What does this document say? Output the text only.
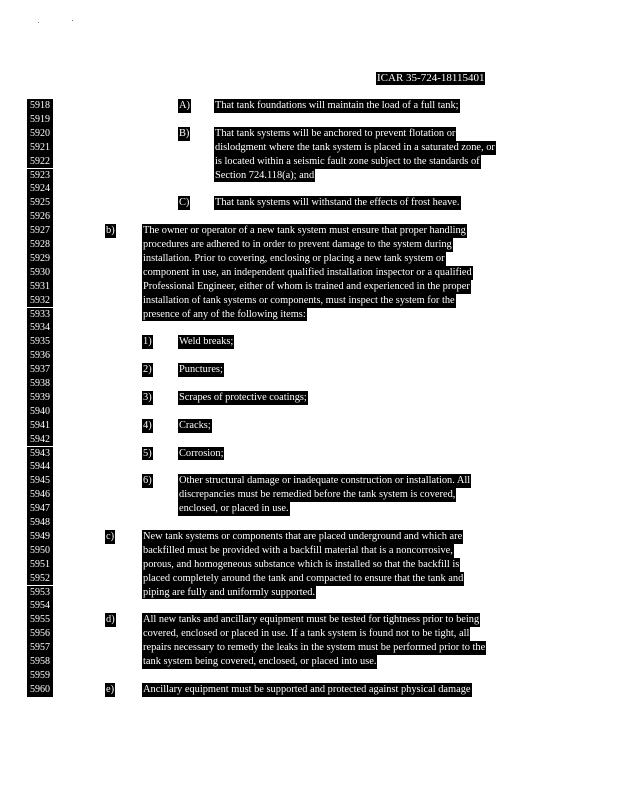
ICAR 35-724-18115401
5918
5919
5920
5921
5922
5923
5924
5925
5926
5927
5928
5929
5930
5931
5932
5933
5934
5935
5936
5937
5938
5939
5940
5941
5942
5943
5944
5945
5946
5947
5948
5949
5950
5951
5952
5953
5954
5955
5956
5957
5958
5959
5960
A) That tank foundations will maintain the load of a full tank;
B) That tank systems will be anchored to prevent flotation or
dislodgment where the tank system is placed in a saturated zone, or
is located within a seismic fault zone subject to the standards of
Section 724.118(a); and
C) That tank systems will withstand the effects of frost heave.
b)	The owner or operator of a new tank system must ensure that proper handling
procedures are adhered to in order to prevent damage to the system during
installation. Prior to covering, enclosing or placing a new tank system or
component in use, an independent qualified installation inspector or a qualified
Professional Engineer, either of whom is trained and experienced in the proper
installation of tank systems or components, must inspect the system for the
presence of any of the following items:
1)	Weld breaks;
2)	Punctures;
3)	Scrapes of protective coatings;
4)	Cracks;
5)	Corrosion;
6)	Other structural damage or inadequate construction or installation. All
discrepancies must be remedied before the tank system is covered,
enclosed, or placed in use.
c)	New tank systems or components that are placed underground and which are
backfilled must be provided with a backfill material that is a noncorrosive,
porous, and homogeneous substance which is installed so that the backfill is
placed completely around the tank and compacted to ensure that the tank and
piping are fully and uniformly supported.
d)	All new tanks and ancillary equipment must be tested for tightness prior to being
covered, enclosed or placed in use. If a tank system is found not to be tight, all
repairs necessary to remedy the leaks in the system must be performed prior to the
tank system being covered, enclosed, or placed into use.
e)	Ancillary equipment must be supported and protected against physical damage
